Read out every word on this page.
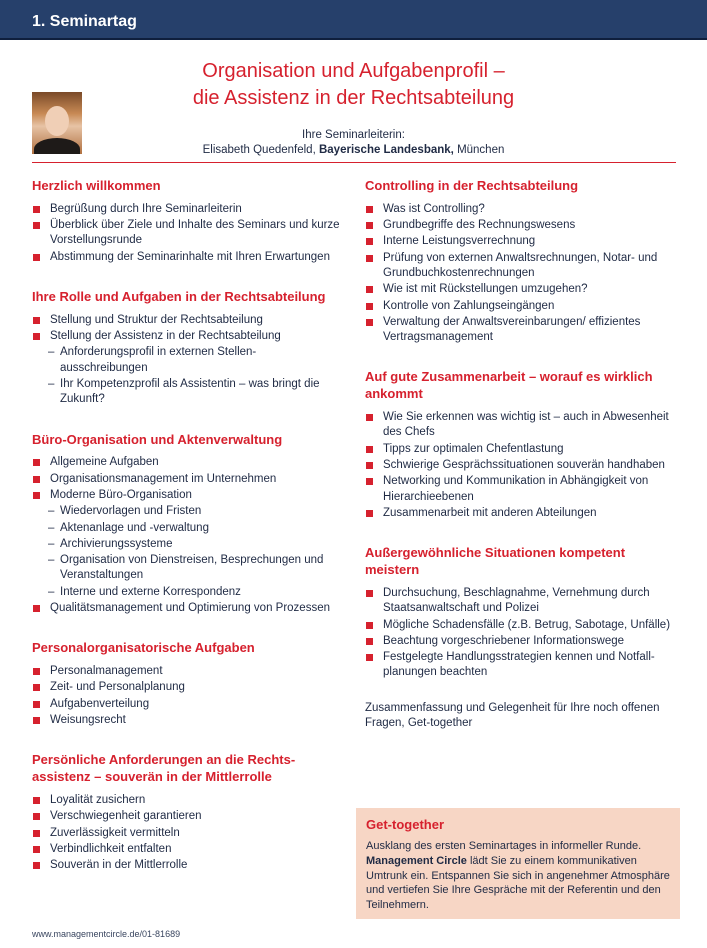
1. Seminartag
Organisation und Aufgabenprofil –
die Assistenz in der Rechtsabteilung
Ihre Seminarleiterin:
Elisabeth Quedenfeld, Bayerische Landesbank, München
Herzlich willkommen
Begrüßung durch Ihre Seminarleiterin
Überblick über Ziele und Inhalte des Seminars und kurze Vorstellungsrunde
Abstimmung der Seminarinhalte mit Ihren Erwartungen
Ihre Rolle und Aufgaben in der Rechtsabteilung
Stellung und Struktur der Rechtsabteilung
Stellung der Assistenz in der Rechtsabteilung
– Anforderungsprofil in externen Stellen-ausschreibungen
– Ihr Kompetenzprofil als Assistentin – was bringt die Zukunft?
Büro-Organisation und Aktenverwaltung
Allgemeine Aufgaben
Organisationsmanagement im Unternehmen
Moderne Büro-Organisation
– Wiedervorlagen und Fristen
– Aktenanlage und -verwaltung
– Archivierungssysteme
– Organisation von Dienstreisen, Besprechungen und Veranstaltungen
– Interne und externe Korrespondenz
Qualitätsmanagement und Optimierung von Prozessen
Personalorganisatorische Aufgaben
Personalmanagement
Zeit- und Personalplanung
Aufgabenverteilung
Weisungsrecht
Persönliche Anforderungen an die Rechts-assistenz – souverän in der Mittlerrolle
Loyalität zusichern
Verschwiegenheit garantieren
Zuverlässigkeit vermitteln
Verbindlichkeit entfalten
Souverän in der Mittlerrolle
Controlling in der Rechtsabteilung
Was ist Controlling?
Grundbegriffe des Rechnungswesens
Interne Leistungsverrechnung
Prüfung von externen Anwaltsrechnungen, Notar- und Grundbuchkostenrechnungen
Wie ist mit Rückstellungen umzugehen?
Kontrolle von Zahlungseingängen
Verwaltung der Anwaltsvereinbarungen/ effizientes Vertragsmanagement
Auf gute Zusammenarbeit – worauf es wirklich ankommt
Wie Sie erkennen was wichtig ist – auch in Abwesenheit des Chefs
Tipps zur optimalen Chefentlastung
Schwierige Gesprächssituationen souverän handhaben
Networking und Kommunikation in Abhängigkeit von Hierarchieebenen
Zusammenarbeit mit anderen Abteilungen
Außergewöhnliche Situationen kompetent meistern
Durchsuchung, Beschlagnahme, Vernehmung durch Staatsanwaltschaft und Polizei
Mögliche Schadensfälle (z.B. Betrug, Sabotage, Unfälle)
Beachtung vorgeschriebener Informationswege
Festgelegte Handlungsstrategien kennen und Notfall-planungen beachten

Zusammenfassung und Gelegenheit für Ihre noch offenen Fragen, Get-together

Get-together

Ausklang des ersten Seminartages in informeller Runde. Management Circle lädt Sie zu einem kommunikativen Umtrunk ein. Entspannen Sie sich in angenehmer Atmosphäre und vertiefen Sie Ihre Gespräche mit der Referentin und den Teilnehmern.

www.managementcircle.de/01-81689
